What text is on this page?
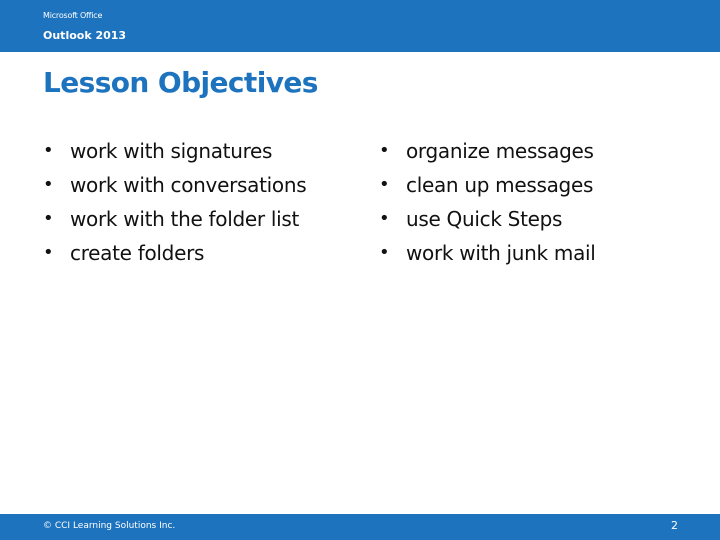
Microsoft Office
Outlook 2013
Lesson Objectives
• work with signatures
• work with conversations
• work with the folder list
• create folders
• organize messages
• clean up messages
• use Quick Steps
• work with junk mail
© CCI Learning Solutions Inc.	2
